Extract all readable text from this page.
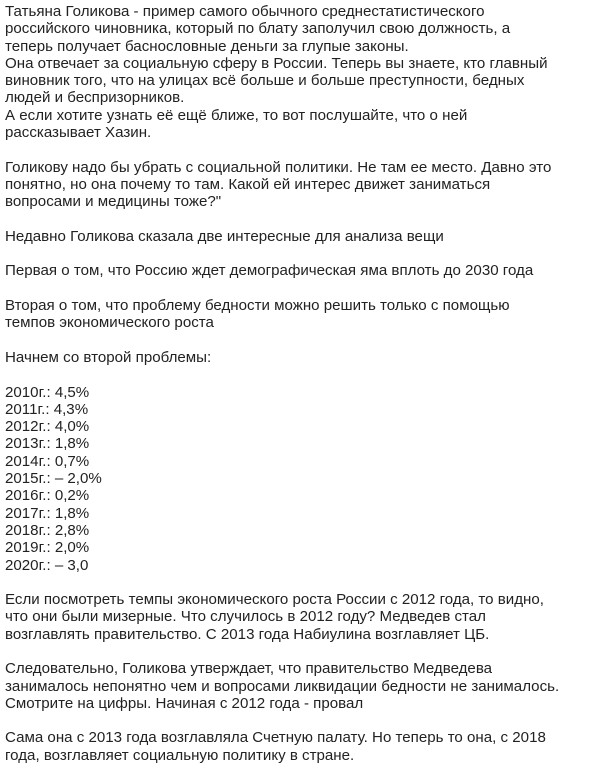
Татьяна Голикова - пример самого обычного среднестатистического
российского чиновника, который по блату заполучил свою должность, а
теперь получает баснословные деньги за глупые законы.
Она отвечает за социальную сферу в России. Теперь вы знаете, кто главный
виновник того, что на улицах всё больше и больше преступности, бедных
людей и беспризорников.
А если хотите узнать её ещё ближе, то вот послушайте, что о ней
рассказывает Хазин.

Голикову надо бы убрать с социальной политики. Не там ее место. Давно это
понятно, но она почему то там. Какой ей интерес движет заниматься
вопросами и медицины тоже?"

Недавно Голикова сказала две интересные для анализа вещи

Первая о том, что Россию ждет демографическая яма вплоть до 2030 года

Вторая о том, что проблему бедности можно решить только с помощью
темпов экономического роста

Начнем со второй проблемы:

2010г.: 4,5%
2011г.: 4,3%
2012г.: 4,0%
2013г.: 1,8%
2014г.: 0,7%
2015г.: – 2,0%
2016г.: 0,2%
2017г.: 1,8%
2018г.: 2,8%
2019г.: 2,0%
2020г.: – 3,0

Если посмотреть темпы экономического роста России с 2012 года, то видно,
что они были мизерные. Что случилось в 2012 году? Медведев стал
возглавлять правительство. С 2013 года Набиулина возглавляет ЦБ.

Следовательно, Голикова утверждает, что правительство Медведева
занималось непонятно чем и вопросами ликвидации бедности не занималось.
Смотрите на цифры. Начиная с 2012 года - провал

Сама она с 2013 года возглавляла Счетную палату. Но теперь то она, с 2018
года, возглавляет социальную политику в стране.
